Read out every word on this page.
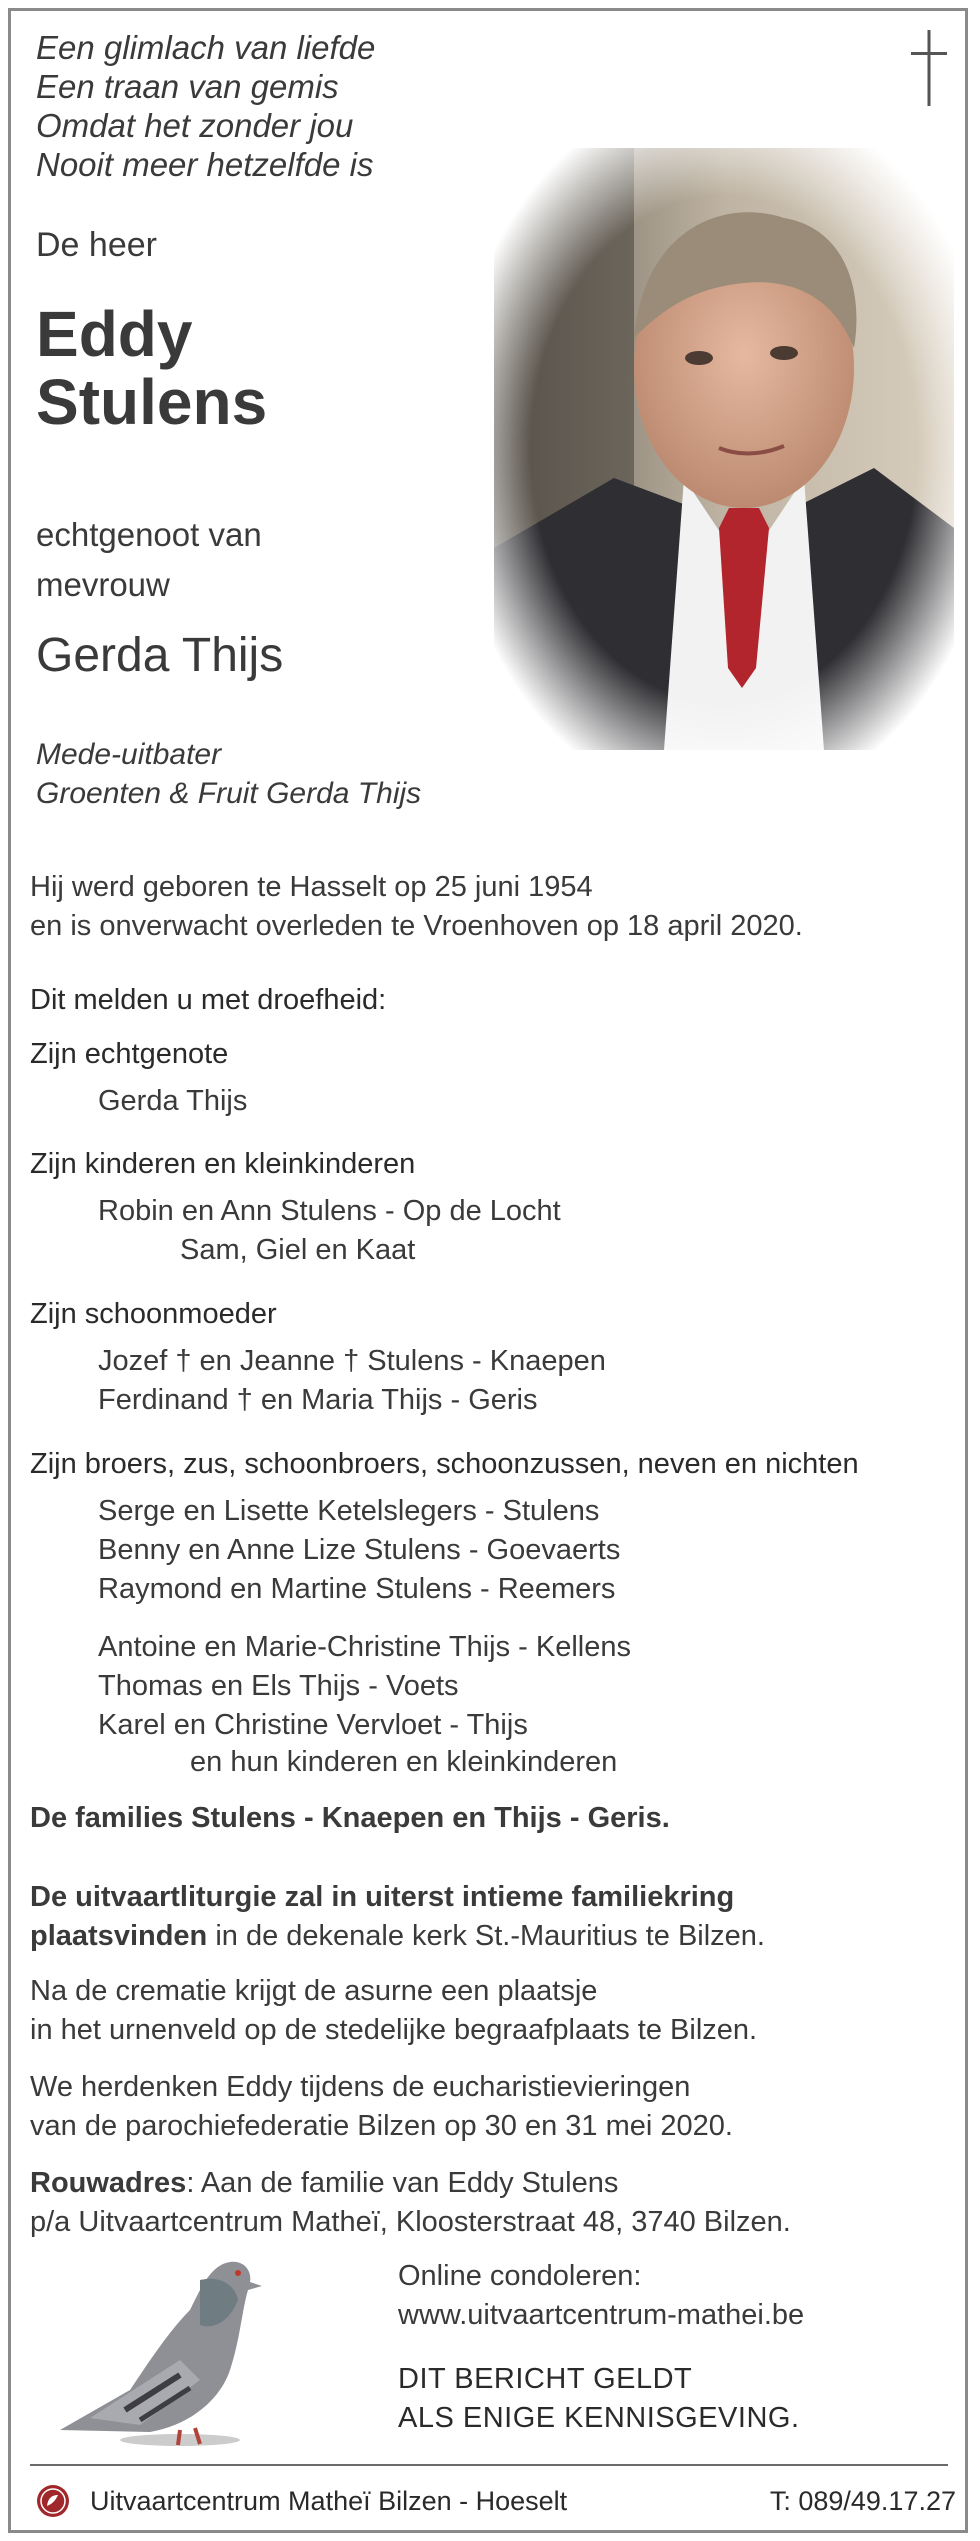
Een glimlach van liefde
Een traan van gemis
Omdat het zonder jou
Nooit meer hetzelfde is
De heer
Eddy
Stulens
echtgenoot van
mevrouw
Gerda Thijs
Mede-uitbater
Groenten & Fruit Gerda Thijs
Hij werd geboren te Hasselt op 25 juni 1954
en is onverwacht overleden te Vroenhoven op 18 april 2020.
Dit melden u met droefheid:
Zijn echtgenote
Gerda Thijs
Zijn kinderen en kleinkinderen
Robin en Ann Stulens - Op de Locht
Sam, Giel en Kaat
Zijn schoonmoeder
Jozef † en Jeanne † Stulens - Knaepen
Ferdinand † en Maria Thijs - Geris
Zijn broers, zus, schoonbroers, schoonzussen, neven en nichten
Serge en Lisette Ketelslegers - Stulens
Benny en Anne Lize Stulens - Goevaerts
Raymond en Martine Stulens - Reemers
Antoine en Marie-Christine Thijs - Kellens
Thomas en Els Thijs - Voets
Karel en Christine Vervloet - Thijs
en hun kinderen en kleinkinderen
De families Stulens - Knaepen en Thijs - Geris.
De uitvaartliturgie zal in uiterst intieme familiekring
plaatsvinden in de dekenale kerk St.-Mauritius te Bilzen.
Na de crematie krijgt de asurne een plaatsje
in het urnenveld op de stedelijke begraafplaats te Bilzen.
We herdenken Eddy tijdens de eucharistievieringen
van de parochiefederatie Bilzen op 30 en 31 mei 2020.
Rouwadres: Aan de familie van Eddy Stulens
p/a Uitvaartcentrum Matheï, Kloosterstraat 48, 3740 Bilzen.
Online condoleren:
www.uitvaartcentrum-mathei.be
DIT BERICHT GELDT
ALS ENIGE KENNISGEVING.
Uitvaartcentrum Matheï Bilzen - Hoeselt	T: 089/49.17.27
